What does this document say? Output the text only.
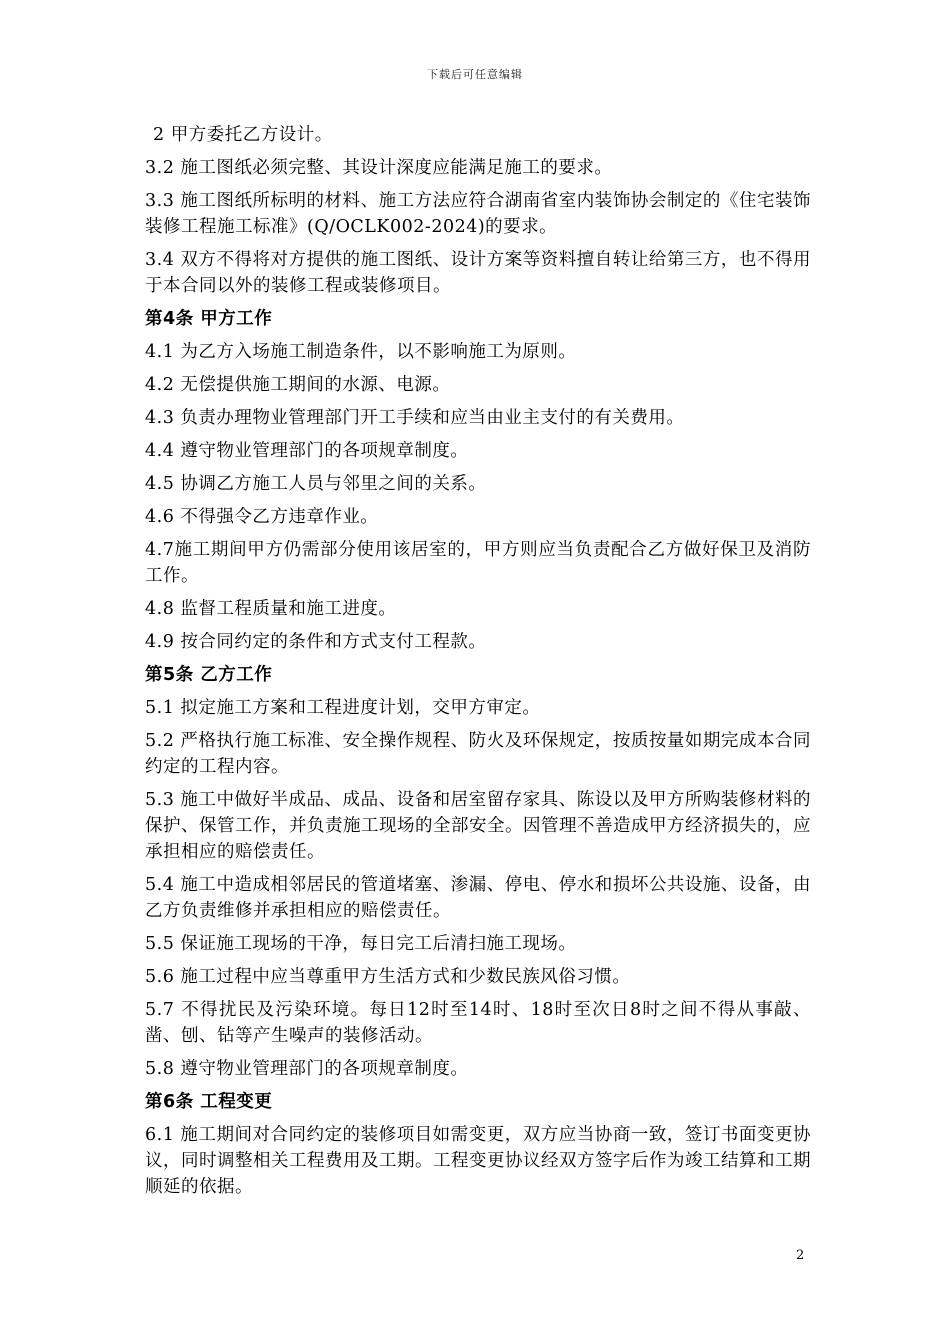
下载后可任意编辑

2 甲方委托乙方设计。

3.2 施工图纸必须完整、其设计深度应能满足施工的要求。

3.3 施工图纸所标明的材料、施工方法应符合湖南省室内装饰协会制定的《住宅装饰装修工程施工标准》(Q/OCLK002-2024)的要求。

3.4 双方不得将对方提供的施工图纸、设计方案等资料擅自转让给第三方，也不得用于本合同以外的装修工程或装修项目。

第4条 甲方工作

4.1 为乙方入场施工制造条件，以不影响施工为原则。

4.2 无偿提供施工期间的水源、电源。

4.3 负责办理物业管理部门开工手续和应当由业主支付的有关费用。

4.4 遵守物业管理部门的各项规章制度。

4.5 协调乙方施工人员与邻里之间的关系。

4.6 不得强令乙方违章作业。

4.7施工期间甲方仍需部分使用该居室的，甲方则应当负责配合乙方做好保卫及消防工作。

4.8 监督工程质量和施工进度。

4.9 按合同约定的条件和方式支付工程款。

第5条 乙方工作

5.1 拟定施工方案和工程进度计划，交甲方审定。

5.2 严格执行施工标准、安全操作规程、防火及环保规定，按质按量如期完成本合同约定的工程内容。

5.3 施工中做好半成品、成品、设备和居室留存家具、陈设以及甲方所购装修材料的保护、保管工作，并负责施工现场的全部安全。因管理不善造成甲方经济损失的，应承担相应的赔偿责任。

5.4 施工中造成相邻居民的管道堵塞、渗漏、停电、停水和损坏公共设施、设备，由乙方负责维修并承担相应的赔偿责任。

5.5 保证施工现场的干净，每日完工后清扫施工现场。

5.6 施工过程中应当尊重甲方生活方式和少数民族风俗习惯。

5.7 不得扰民及污染环境。每日12时至14时、18时至次日8时之间不得从事敲、凿、刨、钻等产生噪声的装修活动。

5.8 遵守物业管理部门的各项规章制度。

第6条 工程变更

6.1 施工期间对合同约定的装修项目如需变更，双方应当协商一致，签订书面变更协议，同时调整相关工程费用及工期。工程变更协议经双方签字后作为竣工结算和工期顺延的依据。

2
